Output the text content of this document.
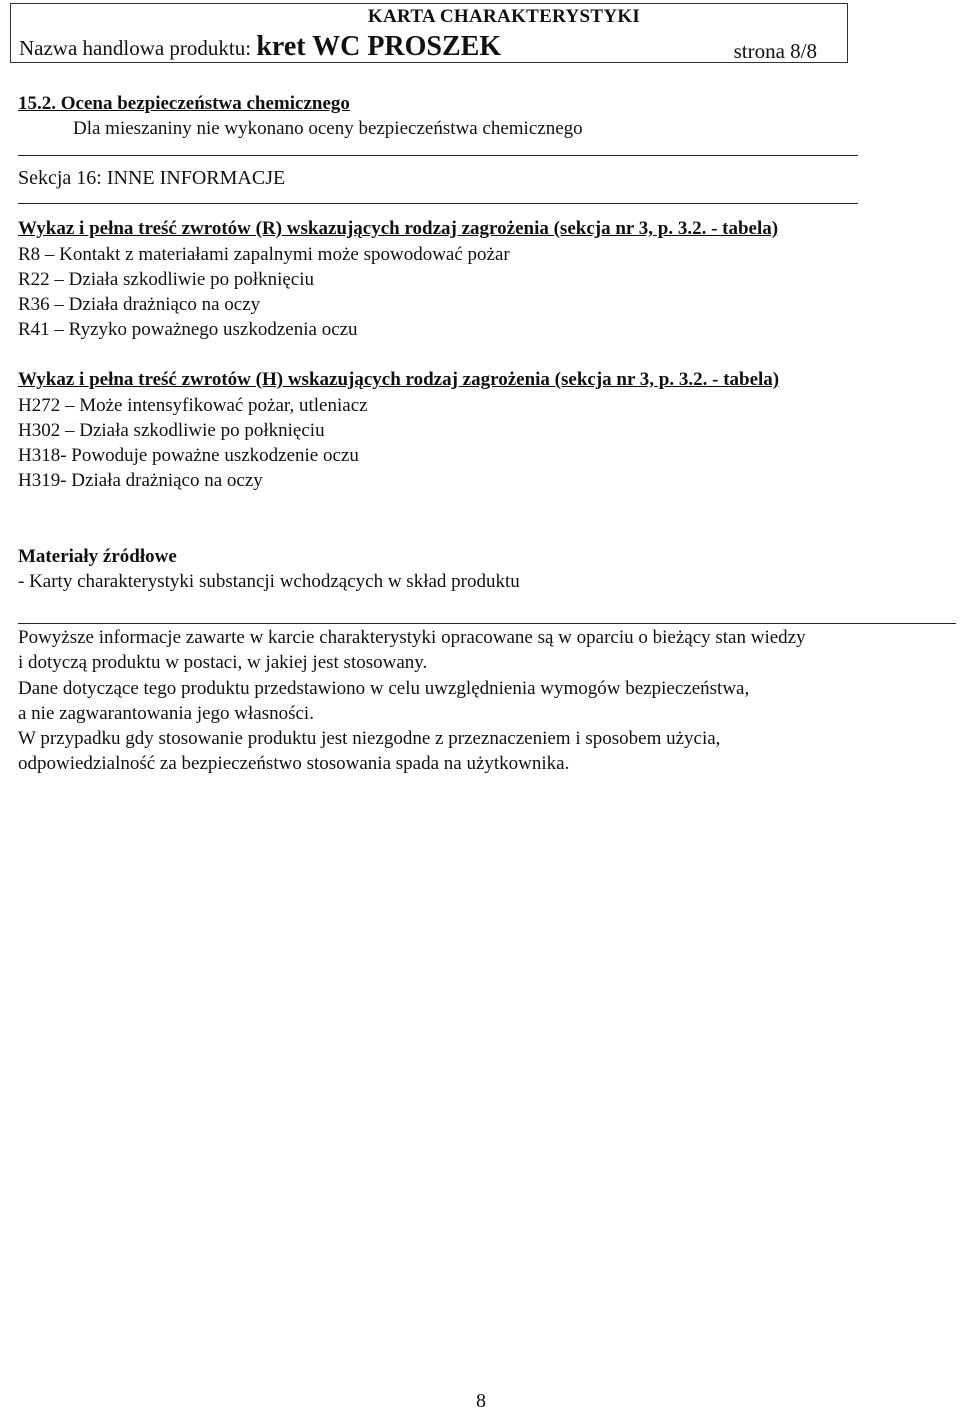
KARTA CHARAKTERYSTYKI
Nazwa handlowa produktu: kret WC PROSZEK	strona 8/8
15.2. Ocena bezpieczeństwa chemicznego
Dla mieszaniny nie wykonano oceny bezpieczeństwa chemicznego
Sekcja 16: INNE INFORMACJE
Wykaz i pełna treść zwrotów (R) wskazujących rodzaj zagrożenia (sekcja nr 3, p. 3.2. - tabela)
R8 – Kontakt z materiałami zapalnymi może spowodować pożar
R22 – Działa szkodliwie po połknięciu
R36 – Działa drażniąco na oczy
R41 – Ryzyko poważnego uszkodzenia oczu
Wykaz i pełna treść zwrotów (H) wskazujących rodzaj zagrożenia (sekcja nr 3, p. 3.2. - tabela)
H272 – Może intensyfikować pożar, utleniacz
H302 – Działa szkodliwie po połknięciu
H318- Powoduje poważne uszkodzenie oczu
H319- Działa drażniąco na oczy
Materiały źródłowe
- Karty charakterystyki substancji wchodzących w skład produktu
Powyższe informacje zawarte w karcie charakterystyki opracowane są w oparciu o bieżący stan wiedzy
i dotyczą produktu w postaci, w jakiej jest stosowany.
Dane dotyczące tego produktu przedstawiono w celu uwzględnienia wymogów bezpieczeństwa,
a nie zagwarantowania jego własności.
W przypadku gdy stosowanie produktu jest niezgodne z przeznaczeniem i sposobem użycia,
odpowiedzialność za bezpieczeństwo stosowania spada na użytkownika.
8
